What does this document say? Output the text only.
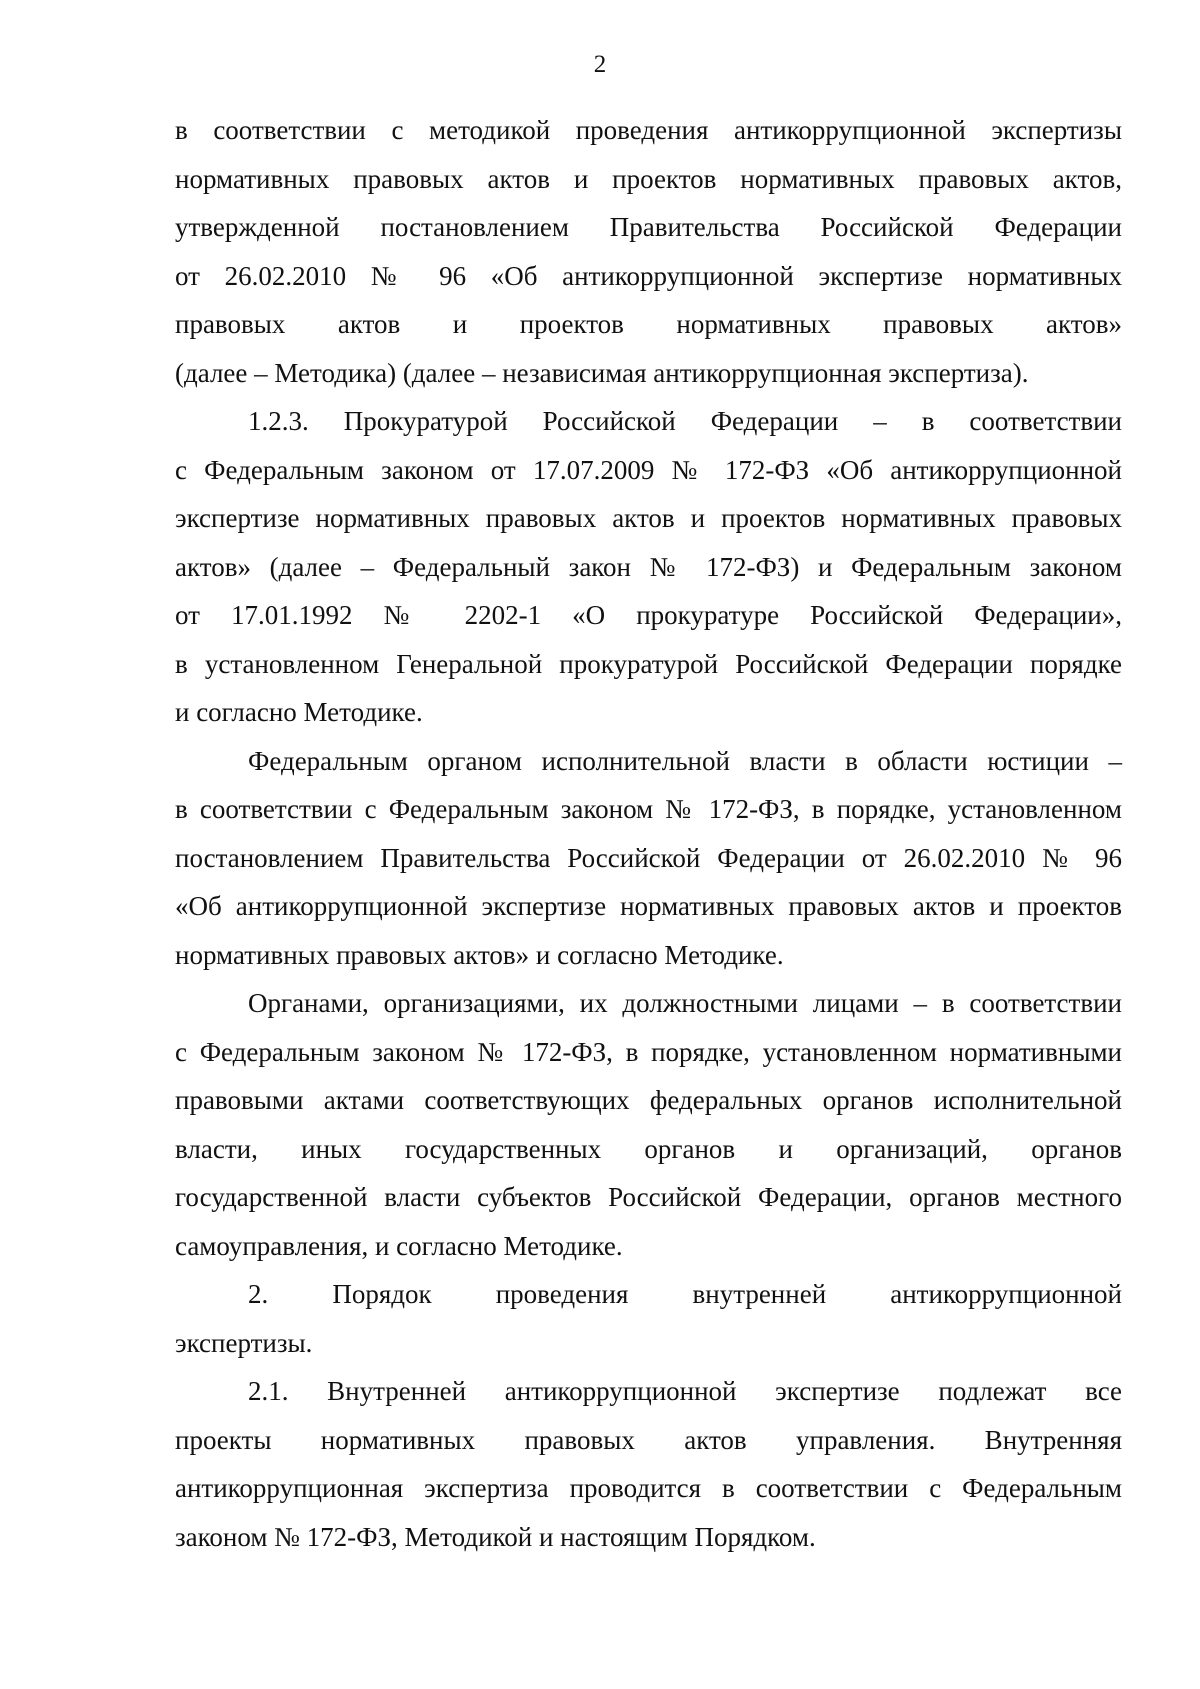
2
в соответствии с методикой проведения антикоррупционной экспертизы
нормативных правовых актов и проектов нормативных правовых актов,
утвержденной постановлением Правительства Российской Федерации
от 26.02.2010 № 96 «Об антикоррупционной экспертизе нормативных
правовых актов и проектов нормативных правовых актов»
(далее – Методика) (далее – независимая антикоррупционная экспертиза).
1.2.3. Прокуратурой Российской Федерации – в соответствии
с Федеральным законом от 17.07.2009 № 172-ФЗ «Об антикоррупционной
экспертизе нормативных правовых актов и проектов нормативных правовых
актов» (далее – Федеральный закон № 172-ФЗ) и Федеральным законом
от 17.01.1992 № 2202-1 «О прокуратуре Российской Федерации»,
в установленном Генеральной прокуратурой Российской Федерации порядке
и согласно Методике.
Федеральным органом исполнительной власти в области юстиции –
в соответствии с Федеральным законом № 172-ФЗ, в порядке, установленном
постановлением Правительства Российской Федерации от 26.02.2010 № 96
«Об антикоррупционной экспертизе нормативных правовых актов и проектов
нормативных правовых актов» и согласно Методике.
Органами, организациями, их должностными лицами – в соответствии
с Федеральным законом № 172-ФЗ, в порядке, установленном нормативными
правовыми актами соответствующих федеральных органов исполнительной
власти, иных государственных органов и организаций, органов
государственной власти субъектов Российской Федерации, органов местного
самоуправления, и согласно Методике.
2. Порядок проведения внутренней антикоррупционной
экспертизы.
2.1. Внутренней антикоррупционной экспертизе подлежат все
проекты нормативных правовых актов управления. Внутренняя
антикоррупционная экспертиза проводится в соответствии с Федеральным
законом № 172-ФЗ, Методикой и настоящим Порядком.
